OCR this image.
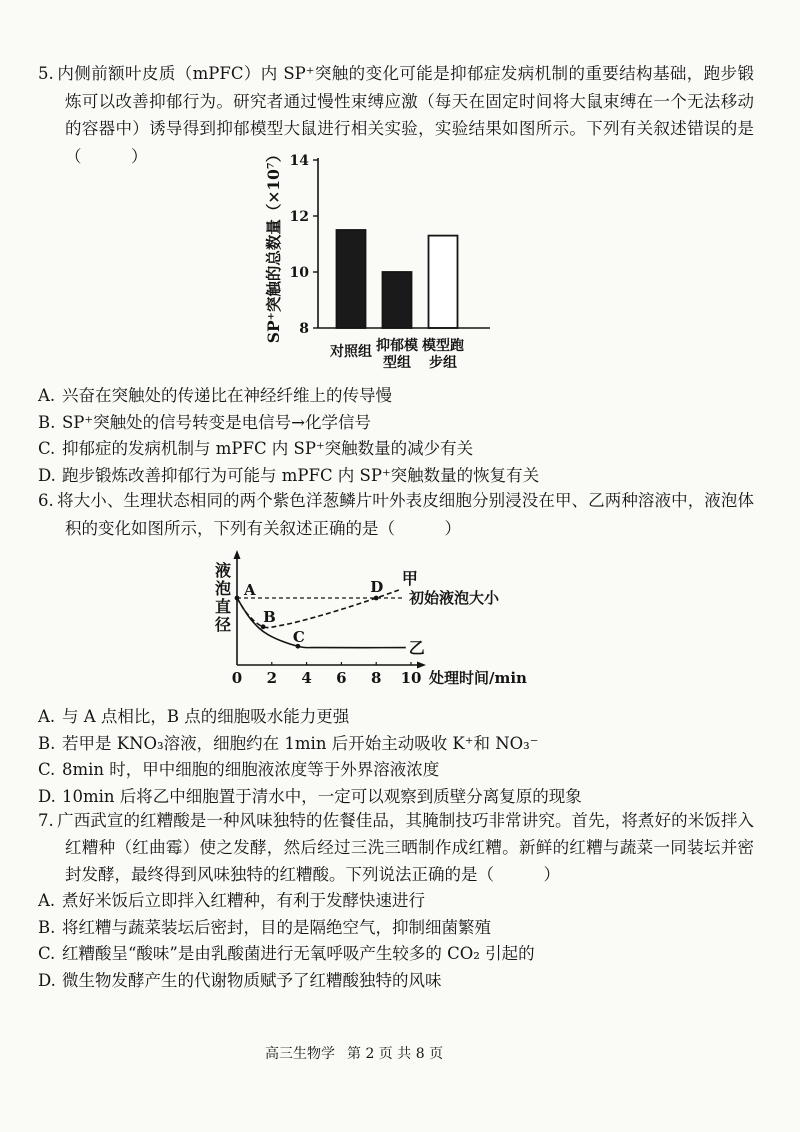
5. 内侧前额叶皮质（mPFC）内 SP⁺突触的变化可能是抑郁症发病机制的重要结构基础，跑步锻炼可以改善抑郁行为。研究者通过慢性束缚应激（每天在固定时间将大鼠束缚在一个无法移动的容器中）诱导得到抑郁模型大鼠进行相关实验，实验结果如图所示。下列有关叙述错误的是（　　　）

8
10
12
14
对照组 抑郁模型组
模型跑步组
SP⁺突触的总数量（×10⁷）
A. 兴奋在突触处的传递比在神经纤维上的传导慢
B. SP⁺突触处的信号转变是电信号→化学信号
C. 抑郁症的发病机制与 mPFC 内 SP⁺突触数量的减少有关
D. 跑步锻炼改善抑郁行为可能与 mPFC 内 SP⁺突触数量的恢复有关

6. 将大小、生理状态相同的两个紫色洋葱鳞片叶外表皮细胞分别浸没在甲、乙两种溶液中，液泡体积的变化如图所示，下列有关叙述正确的是（　　　）

0 2 4 6 8 10
初始液泡大小
甲
乙
A
B
C
D
处理时间/min
液泡直径
A. 与 A 点相比，B 点的细胞吸水能力更强
B. 若甲是 KNO₃溶液，细胞约在 1min 后开始主动吸收 K⁺和 NO₃⁻
C. 8min 时，甲中细胞的细胞液浓度等于外界溶液浓度
D. 10min 后将乙中细胞置于清水中，一定可以观察到质壁分离复原的现象

7. 广西武宣的红糟酸是一种风味独特的佐餐佳品，其腌制技巧非常讲究。首先，将煮好的米饭拌入红糟种（红曲霉）使之发酵，然后经过三洗三晒制作成红糟。新鲜的红糟与蔬菜一同装坛并密封发酵，最终得到风味独特的红糟酸。下列说法正确的是（　　　）

A. 煮好米饭后立即拌入红糟种，有利于发酵快速进行
B. 将红糟与蔬菜装坛后密封，目的是隔绝空气，抑制细菌繁殖
C. 红糟酸呈“酸味”是由乳酸菌进行无氧呼吸产生较多的 CO₂ 引起的
D. 微生物发酵产生的代谢物质赋予了红糟酸独特的风味
高三生物学 第 2 页 共 8 页
